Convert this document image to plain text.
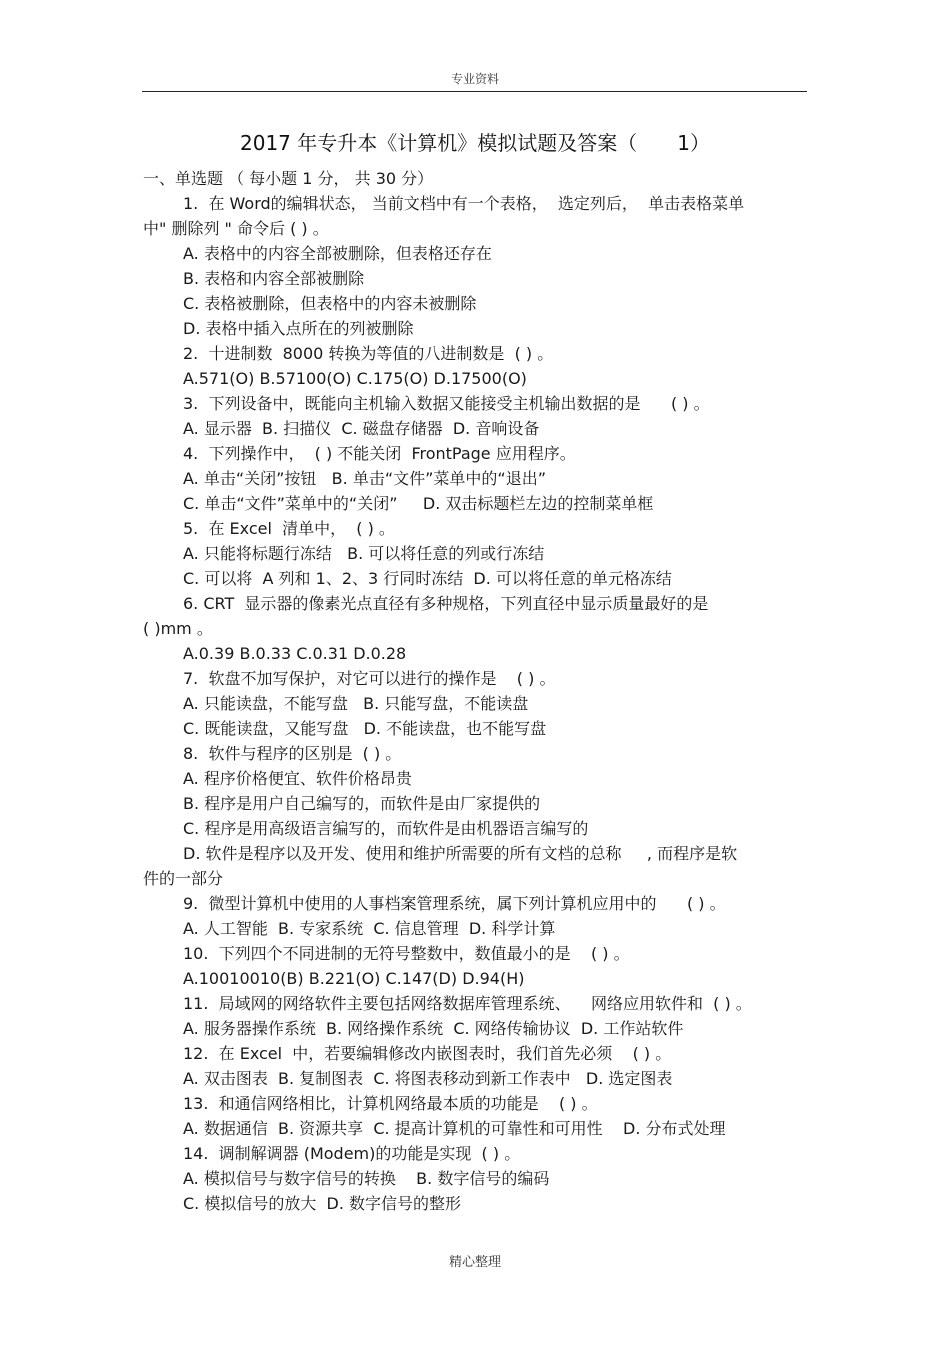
专业资料
2017 年专升本《计算机》模拟试题及答案（　　1）
一、单选题 （ 每小题 1 分， 共 30 分）
1.  在 Word的编辑状态， 当前文档中有一个表格，  选定列后，  单击表格菜单
中" 删除列 " 命令后 ( ) 。
A. 表格中的内容全部被删除，但表格还存在
B. 表格和内容全部被删除
C. 表格被删除，但表格中的内容未被删除
D. 表格中插入点所在的列被删除
2.  十进制数  8000 转换为等值的八进制数是  ( ) 。
A.571(O) B.57100(O) C.175(O) D.17500(O)
3.  下列设备中，既能向主机输入数据又能接受主机输出数据的是      ( ) 。
A. 显示器  B. 扫描仪  C. 磁盘存储器  D. 音响设备
4.  下列操作中，  ( ) 不能关闭  FrontPage 应用程序。
A. 单击“关闭”按钮   B. 单击“文件”菜单中的“退出”
C. 单击“文件”菜单中的“关闭”     D. 双击标题栏左边的控制菜单框
5.  在 Excel  清单中，  ( ) 。
A. 只能将标题行冻结   B. 可以将任意的列或行冻结
C. 可以将  A 列和 1、2、3 行同时冻结  D. 可以将任意的单元格冻结
6. CRT  显示器的像素光点直径有多种规格，下列直径中显示质量最好的是
( )mm 。
A.0.39 B.0.33 C.0.31 D.0.28
7.  软盘不加写保护，对它可以进行的操作是    ( ) 。
A. 只能读盘，不能写盘   B. 只能写盘，不能读盘
C. 既能读盘，又能写盘   D. 不能读盘，也不能写盘
8.  软件与程序的区别是  ( ) 。
A. 程序价格便宜、软件价格昂贵
B. 程序是用户自己编写的，而软件是由厂家提供的
C. 程序是用高级语言编写的，而软件是由机器语言编写的
D. 软件是程序以及开发、使用和维护所需要的所有文档的总称     , 而程序是软
件的一部分
9.  微型计算机中使用的人事档案管理系统，属下列计算机应用中的      ( ) 。
A. 人工智能  B. 专家系统  C. 信息管理  D. 科学计算
10.  下列四个不同进制的无符号整数中，数值最小的是    ( ) 。
A.10010010(B) B.221(O) C.147(D) D.94(H)
11.  局域网的网络软件主要包括网络数据库管理系统、    网络应用软件和  ( ) 。
A. 服务器操作系统  B. 网络操作系统  C. 网络传输协议  D. 工作站软件
12.  在 Excel  中，若要编辑修改内嵌图表时，我们首先必须    ( ) 。
A. 双击图表  B. 复制图表  C. 将图表移动到新工作表中   D. 选定图表
13.  和通信网络相比，计算机网络最本质的功能是    ( ) 。
A. 数据通信  B. 资源共享  C. 提高计算机的可靠性和可用性    D. 分布式处理
14.  调制解调器 (Modem)的功能是实现  ( ) 。
A. 模拟信号与数字信号的转换    B. 数字信号的编码
C. 模拟信号的放大  D. 数字信号的整形
精心整理
